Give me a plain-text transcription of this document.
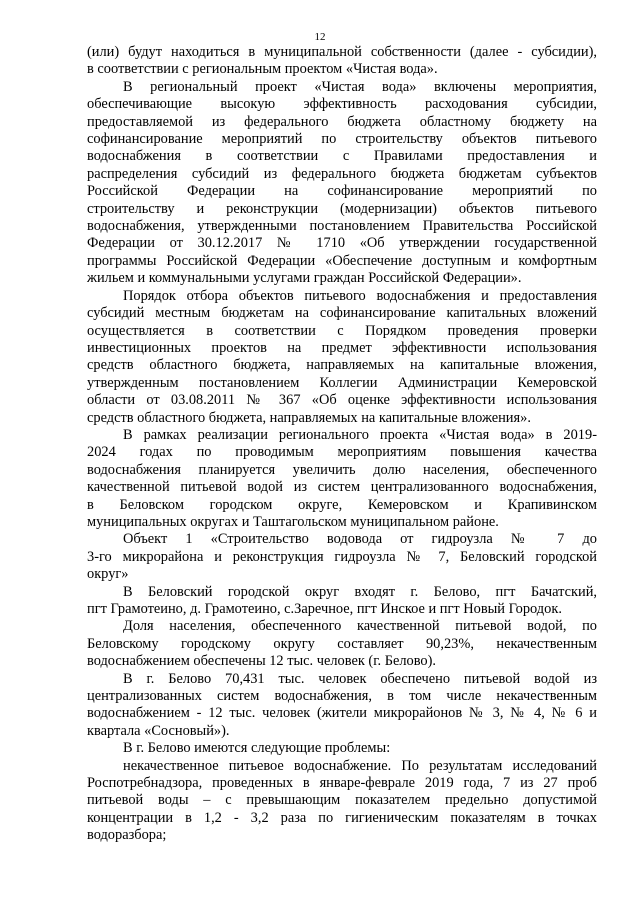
12

(или) будут находиться в муниципальной собственности (далее - субсидии),

в соответствии с региональным проектом «Чистая вода».

В региональный проект «Чистая вода» включены мероприятия,

обеспечивающие высокую эффективность расходования субсидии,

предоставляемой из федерального бюджета областному бюджету на

софинансирование мероприятий по строительству объектов питьевого

водоснабжения в соответствии с Правилами предоставления и

распределения субсидий из федерального бюджета бюджетам субъектов

Российской Федерации на софинансирование мероприятий по

строительству и реконструкции (модернизации) объектов питьевого

водоснабжения, утвержденными постановлением Правительства Российской

Федерации от 30.12.2017 № 1710 «Об утверждении государственной

программы Российской Федерации «Обеспечение доступным и комфортным

жильем и коммунальными услугами граждан Российской Федерации».

Порядок отбора объектов питьевого водоснабжения и предоставления

субсидий местным бюджетам на софинансирование капитальных вложений

осуществляется в соответствии с Порядком проведения проверки

инвестиционных проектов на предмет эффективности использования

средств областного бюджета, направляемых на капитальные вложения,

утвержденным постановлением Коллегии Администрации Кемеровской

области от 03.08.2011 № 367 «Об оценке эффективности использования

средств областного бюджета, направляемых на капитальные вложения».

В рамках реализации регионального проекта «Чистая вода» в 2019-

2024 годах по проводимым мероприятиям повышения качества

водоснабжения планируется увеличить долю населения, обеспеченного

качественной питьевой водой из систем централизованного водоснабжения,

в Беловском городском округе, Кемеровском и Крапивинском

муниципальных округах и Таштагольском муниципальном районе.

Объект 1 «Строительство водовода от гидроузла № 7 до

3-го микрорайона и реконструкция гидроузла № 7, Беловский городской

округ»

В Беловский городской округ входят г. Белово, пгт Бачатский,

пгт Грамотеино, д. Грамотеино, с.Заречное, пгт Инское и пгт Новый Городок.

Доля населения, обеспеченного качественной питьевой водой, по

Беловскому городскому округу составляет 90,23%, некачественным

водоснабжением обеспечены 12 тыс. человек (г. Белово).

В г. Белово 70,431 тыс. человек обеспечено питьевой водой из

централизованных систем водоснабжения, в том числе некачественным

водоснабжением - 12 тыс. человек (жители микрорайонов № 3, № 4, № 6 и

квартала «Сосновый»).

В г. Белово имеются следующие проблемы:

некачественное питьевое водоснабжение. По результатам исследований

Роспотребнадзора, проведенных в январе-феврале 2019 года, 7 из 27 проб

питьевой воды – с превышающим показателем предельно допустимой

концентрации в 1,2 - 3,2 раза по гигиеническим показателям в точках

водоразбора;
